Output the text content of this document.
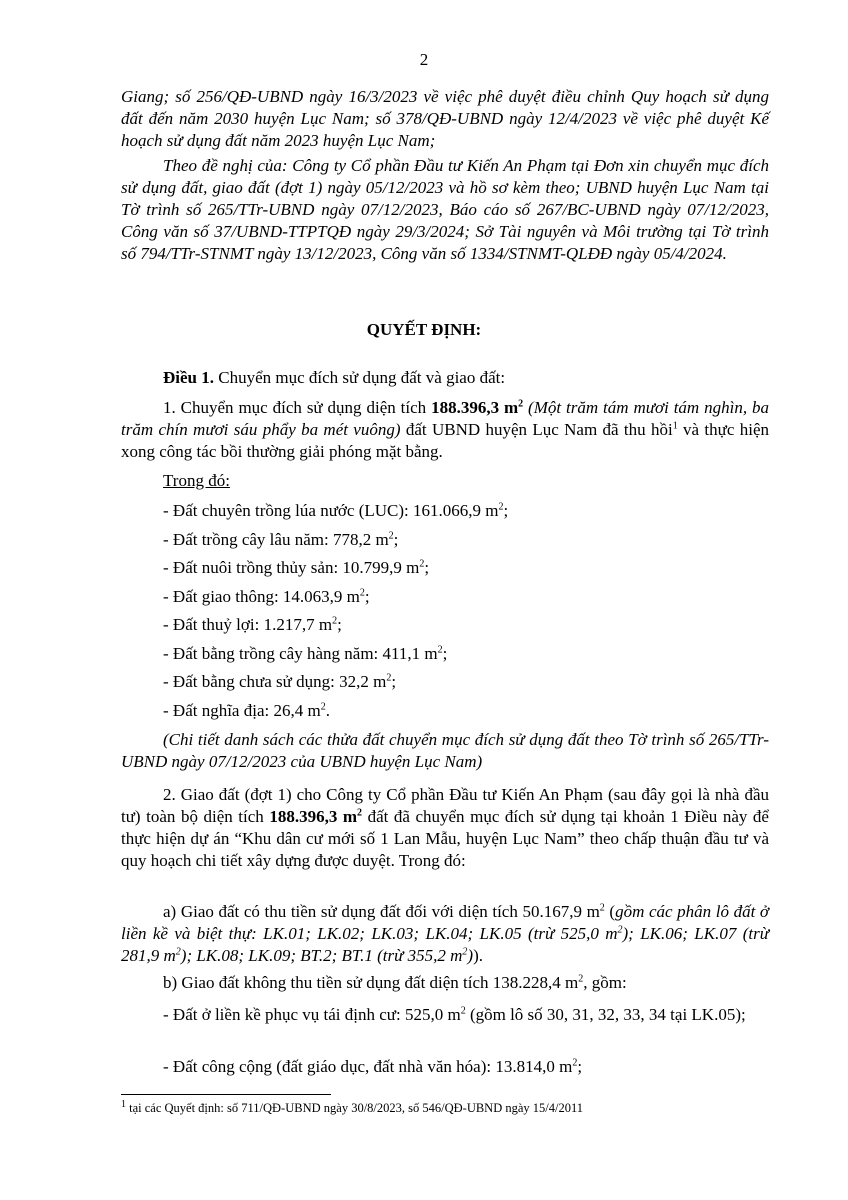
2
Giang; số 256/QĐ-UBND ngày 16/3/2023 về việc phê duyệt điều chỉnh Quy hoạch sử dụng đất đến năm 2030 huyện Lục Nam; số 378/QĐ-UBND ngày 12/4/2023 về việc phê duyệt Kế hoạch sử dụng đất năm 2023 huyện Lục Nam;
Theo đề nghị của: Công ty Cổ phần Đầu tư Kiến An Phạm tại Đơn xin chuyển mục đích sử dụng đất, giao đất (đợt 1) ngày 05/12/2023 và hồ sơ kèm theo; UBND huyện Lục Nam tại Tờ trình số 265/TTr-UBND ngày 07/12/2023, Báo cáo số 267/BC-UBND ngày 07/12/2023, Công văn số 37/UBND-TTPTQĐ ngày 29/3/2024; Sở Tài nguyên và Môi trường tại Tờ trình số 794/TTr-STNMT ngày 13/12/2023, Công văn số 1334/STNMT-QLĐĐ ngày 05/4/2024.
QUYẾT ĐỊNH:
Điều 1. Chuyển mục đích sử dụng đất và giao đất:
1. Chuyển mục đích sử dụng diện tích 188.396,3 $m^2$ (Một trăm tám mươi tám nghìn, ba trăm chín mươi sáu phẩy ba mét vuông) đất UBND huyện Lục Nam đã thu hồi$^1$ và thực hiện xong công tác bồi thường giải phóng mặt bằng.
Trong đó:
- Đất chuyên trồng lúa nước (LUC): 161.066,9 $m^2$;
- Đất trồng cây lâu năm: 778,2 $m^2$;
- Đất nuôi trồng thủy sản: 10.799,9 $m^2$;
- Đất giao thông: 14.063,9 $m^2$;
- Đất thuỷ lợi: 1.217,7 $m^2$;
- Đất bằng trồng cây hàng năm: 411,1 $m^2$;
- Đất bằng chưa sử dụng: 32,2 $m^2$;
- Đất nghĩa địa: 26,4 $m^2$.
(Chi tiết danh sách các thửa đất chuyển mục đích sử dụng đất theo Tờ trình số 265/TTr-UBND ngày 07/12/2023 của UBND huyện Lục Nam)
2. Giao đất (đợt 1) cho Công ty Cổ phần Đầu tư Kiến An Phạm (sau đây gọi là nhà đầu tư) toàn bộ diện tích 188.396,3 $m^2$ đất đã chuyển mục đích sử dụng tại khoản 1 Điều này để thực hiện dự án “Khu dân cư mới số 1 Lan Mẫu, huyện Lục Nam” theo chấp thuận đầu tư và quy hoạch chi tiết xây dựng được duyệt. Trong đó:
a) Giao đất có thu tiền sử dụng đất đối với diện tích 50.167,9 $m^2$ (gồm các phân lô đất ở liền kề và biệt thự: LK.01; LK.02; LK.03; LK.04; LK.05 (trừ 525,0 $m^2$); LK.06; LK.07 (trừ 281,9 $m^2$); LK.08; LK.09; BT.2; BT.1 (trừ 355,2 $m^2$)).
b) Giao đất không thu tiền sử dụng đất diện tích 138.228,4 $m^2$, gồm:
- Đất ở liền kề phục vụ tái định cư: 525,0 $m^2$ (gồm lô số 30, 31, 32, 33, 34 tại LK.05);
- Đất công cộng (đất giáo dục, đất nhà văn hóa): 13.814,0 $m^2$;
$^1$ tại các Quyết định: số 711/QĐ-UBND ngày 30/8/2023, số 546/QĐ-UBND ngày 15/4/2011
